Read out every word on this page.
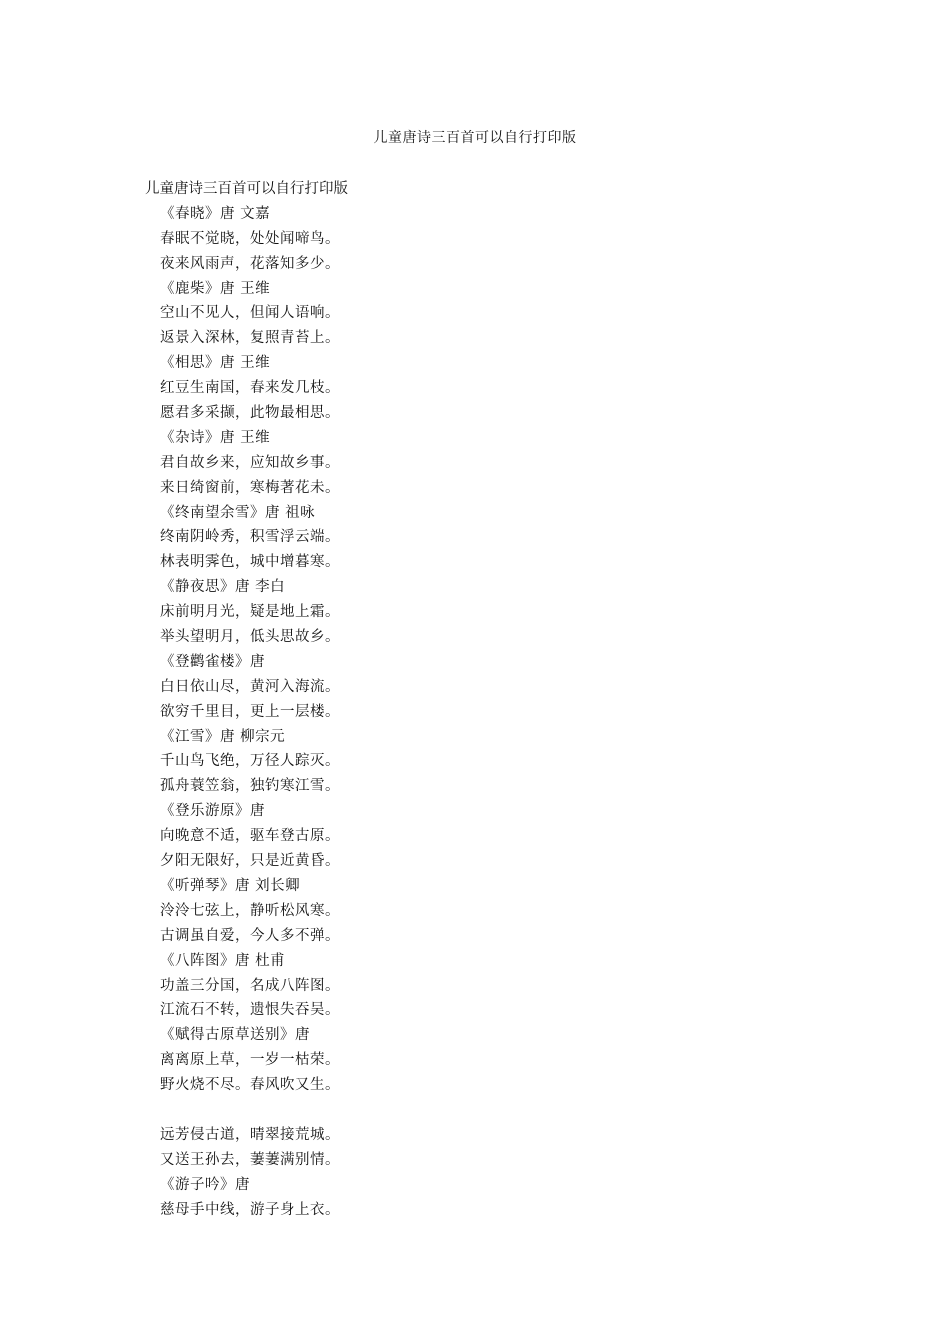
儿童唐诗三百首可以自行打印版
儿童唐诗三百首可以自行打印版
《春晓》唐 文嘉
春眠不觉晓，处处闻啼鸟。
夜来风雨声，花落知多少。
《鹿柴》唐 王维
空山不见人，但闻人语响。
返景入深林，复照青苔上。
《相思》唐 王维
红豆生南国，春来发几枝。
愿君多采撷，此物最相思。
《杂诗》唐 王维
君自故乡来，应知故乡事。
来日绮窗前，寒梅著花未。
《终南望余雪》唐 祖咏
终南阴岭秀，积雪浮云端。
林表明霁色，城中增暮寒。
《静夜思》唐 李白
床前明月光，疑是地上霜。
举头望明月，低头思故乡。
《登鹳雀楼》唐
白日依山尽，黄河入海流。
欲穷千里目，更上一层楼。
《江雪》唐 柳宗元
千山鸟飞绝，万径人踪灭。
孤舟蓑笠翁，独钓寒江雪。
《登乐游原》唐
向晚意不适，驱车登古原。
夕阳无限好，只是近黄昏。
《听弹琴》唐 刘长卿
泠泠七弦上，静听松风寒。
古调虽自爱，今人多不弹。
《八阵图》唐 杜甫
功盖三分国，名成八阵图。
江流石不转，遗恨失吞吴。
《赋得古原草送别》唐
离离原上草，一岁一枯荣。
野火烧不尽。春风吹又生。
远芳侵古道，晴翠接荒城。
又送王孙去，萋萋满别情。
《游子吟》唐
慈母手中线，游子身上衣。
